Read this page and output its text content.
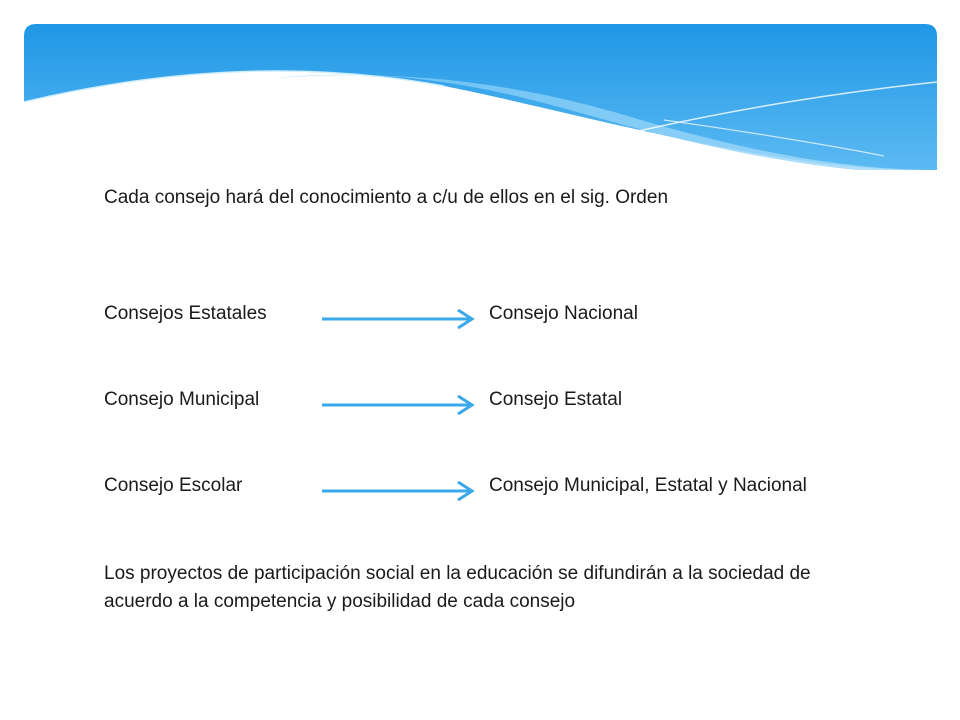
Cada consejo hará del conocimiento a c/u de ellos en el sig. Orden

Consejos Estatales	Consejo Nacional
Consejo Municipal	Consejo Estatal
Consejo Escolar	Consejo Municipal, Estatal y Nacional

Los proyectos de participación social en la educación se difundirán a la sociedad de acuerdo a la competencia y posibilidad de cada consejo
